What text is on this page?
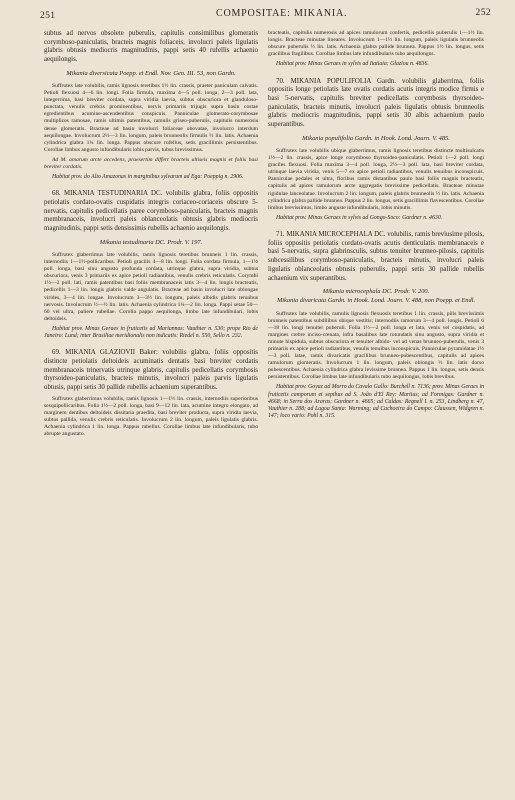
251	COMPOSITAE: MIKANIA.	252

subtus ad nervos obsolete puberulis, capitulis consimilibus glomeratis corymboso-paniculatis, bracteis magnis foliaceis, involucri paleis ligulatis glabris obtusis mediocris magnitudinis, pappi setis 40 rufellis achaenio aequilongis.

Mikania diversicata Poepp. et Endl. Nov. Gen. III. 53, non Gardn.

Suffrutex late volubilis, ramis lignosis teretibus 1½ lin. crassis, praeter paniculam calvatis. Petioli flexuosi 4—6 lin. longi. Folia firmula, maxima 4—5 poll. longa, 2—3 poll. lata, integerrima, basi breviter cordata, supra viridia laevia, subtus obscuriora et glanduloso-punctata, venulis crebris prominentibus, nervis primariis trijugis supra basin costae egredientibus acumine-ascendentibus conspicuis. Panniculae glomerato-corymbosae multiplices ramosae, ramis ultimis patentibus, ramulis griseo-puberulis, capitulis numerosis dense glomeratis. Bracteae ad basin involucri foliaceae obovatae, involucro interdum aequilongae. Involucrum 2½—3 lin. longum, paleis brunneolis firmulis ½ lin. latis. Achaenia cylindrica glabra 1¼ lin. longa. Pappus obscure rufellus, setis gracillimis persistentibus. Corollae limbus angusto infundibularis lobis parvis, tubus brevissimus.

Ad M. amarum arcte accedens, praesertim differt bracteis altiseis magnis et foliis basi breviter cordatis.

Habitat prov. do Alto Amazonas in marginibus sylvarum ad Ega: Poeppig n. 2906.

68. MIKANIA TESTUDINARIA DC. volubilis glabra, foliis oppositis petiolatis cordato-ovatis cuspidatis integris coriaceo-coriaceis obscure 5-nervatis, capitulis pedicellatis paree corymboso-paniculatis, bracteis magnis membranaceis, involucri paleis oblanceolatis obtusis glabris mediocris magnitudinis, pappi setis densissimis rubellis achaenio aequilongis.

Mikania testudinaria DC. Prodr. V. 197.

Suffrutex glaberrimus late volubilis, ramis lignosis teretibus brunneis 1 lin. crassis, internodiis 1—1½-pollicaribus. Petioli gracilis 4—8 lin. longi. Folia cordata firmula, 1—1½ poll. longa, basi sinu angusto profunda cordata, utrinque glabra, supra viridia, subtus obscuriora, venis 3 primariis ex apice petioli radiantibus, venulis crebris reticulatis. Corymbi 1½—2 poll. lati, ramis patentibus basi foliis membranaceis latis 3—4 lin. longis bracteatis, pedicellis 1—3 lin. longis glabris valde angulatis. Bracteae ad basin involucri late oblongae virides, 3—4 lin. longae. Involucrum 3—3½ lin. longum, paleis albidis glabris tenuibus nervosis. Involucrum ½—½ lin. latis. Achaenia cylindrica 1¼—2 lin. longa. Pappi setae 50—60 vel ultra, paliere rubellae. Corolla pappo aequilonga, limbo late infundibulari, lobis deltoideis.

Habitat prov. Minas Geraes in fruticetis ad Mariannas: Vauthier n. 530; prope Rio de Janeiro: Lund; inter Brasiliae meridionalis non indicatis: Riedel n. 550, Sello n. 232.

69. MIKANIA GLAZIOVII Baker: volubilis glabra, foliis oppositis distincte petiolatis deltoideis acuminatis dentatis basi breviter cordatis membranaceis trinervatis utrinque glabris, capitulis pedicellatis corymbosis thyrsoideo-paniculatis, bracteis minutis, involucri paleis parvis ligulatis obtusis, pappi setis 30 pallide rubellis achaenium superantibus.

Suffrutex glaberrimus volubilis, ramis lignosis 1—1½ lin. crassis, internodiis superioribus sesquipollicaribus. Folia 1½—2 poll. longa, basi 9—12 lin. lata, acumine integro elongato, ad marginem dentibus deltoideis dissitaria praedita, basi breviter producta, supra viridia laevia, subtus pallida, venulis crebris reticulatis. Involucrum 2 lin. longum, paleis ligulatis glabris. Achaenia cylindrica 1 lin. longa. Pappus rubellus. Corollae limbus late infundibularis, tubo abrupte angustato.

bracteatis, capitulis numerosis ad apices ramulorum confertis, pedicellis puberulis 1—1½ lin. longis. Bracteae minutae lineares. Involucrum 1—1½ lin. longum, paleis ligulatis brunneolis obscure puberulis ½ lin. latis. Achaenia glabra pallide brunnea. Pappus 1½ lin. longus, setis gracilibus fragilibus. Corollae limbus late infundibularis tubo aequilongus.

Habitat prov. Minas Geraes in sylvis ad Itatiaia: Glaziou n. 4836.

70. MIKANIA POPULIFOLIA Gardn. volubilis glaberrima, foliis oppositis longe petiolatis late ovatis cordatis acutis integris modice firmis e basi 5-nervatis, capitulis breviter pedicellatis corymbosis thyrsoideo-paniculatis, bracteis minutis, involucri paleis ligulatis obtusis brunneolis glabris mediocris magnitudinis, pappi setis 30 albis achaenium paulo superantibus.

Mikania populifolia Gardn. in Hook. Lond. Journ. V. 485.

Suffrutex late volubilis ubique glaberrimus, ramis lignosis teretibus distincte multisulcatis 1½—2 lin. crassis, apice longe corymboso thyrsoideo-paniculatis. Petioli 1—2 poll. longi graciles flexuosi. Folia maxima 3—4 poll. longa, 2½—3 poll. lata, basi breviter cordata, utrinque laevia viridia, venis 5—7 ex apice petioli radiantibus, venulis tenuibus inconspicuis. Panniculae pedales et ultra, floribus ramis distantibus paulo basi foliis magnis bracteatis, capitulis ad apices ramulorum arcte aggregatis brevissime pedicellatis. Bracteae minutae rigidulae lanceolatae. Involucrum 2 lin. longum, paleis glabris brunneolis ½ lin. latis. Achaenia cylindrica glabra pallide brunnea. Pappus 2 lin. longus, setis gracillimis flavescentibus. Corollae limbus brevissimus, limbo anguste infundibularis, lobis minutis.

Habitat prov. Minas Geraes in sylvis ad Gongo-Soco: Gardner n. 4630.

71. MIKANIA MICROCEPHALA DC. volubilis, ramis breviusime pilosis, foliis oppositis petiolatis cordato-ovatis acutis denticulatis membranaceis e basi 5-nervatis, supra glabrinsculis, subtus tenuiter brunneo-pilosis, capitulis subcessilibus corymboso-paniculatis, bracteis minutis, involucri paleis ligulatis oblanceolatis obtusis puberulis, pappi setis 30 pallide rubellis achaenium vix superantibus.

Mikania microcephala DC. Prodr. V. 200.

Mikania divaricata Gardn. in Hook. Lond. Journ. V. 488, non Poepp. et Endl.

Suffrutex late volubilis, ramulis lignosis flexuosis teretibus 1 lin. crassis, pilis brevissimis brunneis patentibus subdilibus ubique vestitis; internodiis ramorum 3—4 poll. longis. Petioli 6—18 lin. longi tenuiter puberuli. Folia 1½—2 poll. longa et lata, venis vel cuspidatis, ad margines crebre inciso-crenata, infra basalibus late rotundatis sinu angusto, supra viridia et minute hispidula, subtus obscuriora et tenuiter albido- vel ad venas brunneo-puberulis, venis 3 primariis ex apice petioli radiantibus, venulis tenuibus inconspicuis. Panniculae pyramidatae 1½—3 poll. latae, ramis divaricatis gracilibus brunneo-pubescentibus, capitulis ad apices ramulorum glomeratis. Involucrum 1 lin. longum, paleis oblongis ½ lin. latis dorso pubescentibus. Achaenia cylindrica glabra levissime brunnea. Pappus 1 lin. longus, setis densis persistentibus. Corollae limbus late infundibularis tubo aequilongus, lobis brevibus.

Habitat prov. Goyaz ad Morro do Cavalo Gallo: Burchell n. 7136; prov. Minas Geraes in fruticetis camporum et sepibus ad S. João d'El Rey: Martius; ad Formigas: Gardner n. 4668; in Serra dos Araras: Gardner n. 4665; ad Caldas: Regnell I. n. 253, Lindberg n. 47, Vauthier n. 288; ad Lagoa Santa: Warming; ad Cachoeira do Campo: Claussen, Widgren n. 147; loco vario: Pohl n. 315.
